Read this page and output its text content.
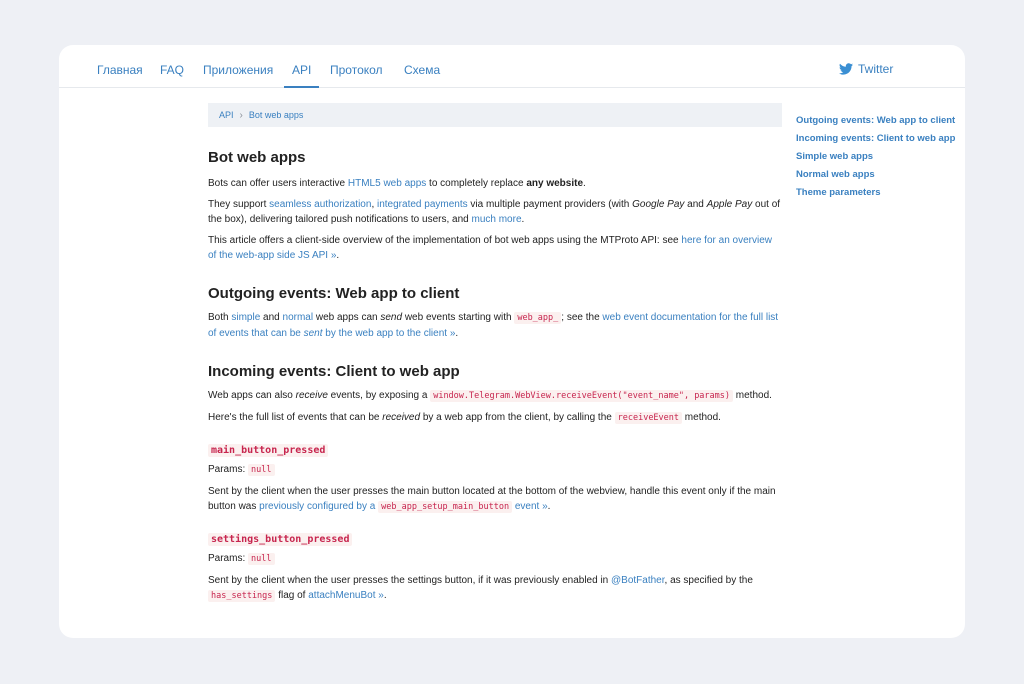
Главная FAQ Приложения	API	Протокол Схема	Twitter
API › Bot web apps
Bot web apps

Bots can offer users interactive HTML5 web apps to completely replace any website.

They support seamless authorization, integrated payments via multiple payment providers (with Google Pay and Apple Pay out of the box), delivering tailored push notifications to users, and much more.

This article offers a client-side overview of the implementation of bot web apps using the MTProto API: see here for an overview of the web-app side JS API ».

Outgoing events: Web app to client

Both simple and normal web apps can send web events starting with web_app_ ; see the web event documentation for the full list of events that can be sent by the web app to the client ».

Incoming events: Client to web app

Web apps can also receive events, by exposing a window.Telegram.WebView.receiveEvent("event_name", params) method.

Here's the full list of events that can be received by a web app from the client, by calling the receiveEvent method.

main_button_pressed

Params: null

Sent by the client when the user presses the main button located at the bottom of the webview, handle this event only if the main button was previously configured by a web_app_setup_main_button event ».

settings_button_pressed

Params: null

Sent by the client when the user presses the settings button, if it was previously enabled in @BotFather, as specified by the has_settings flag of attachMenuBot ».

Outgoing events: Web app to client
Incoming events: Client to web app
Simple web apps
Normal web apps
Theme parameters
